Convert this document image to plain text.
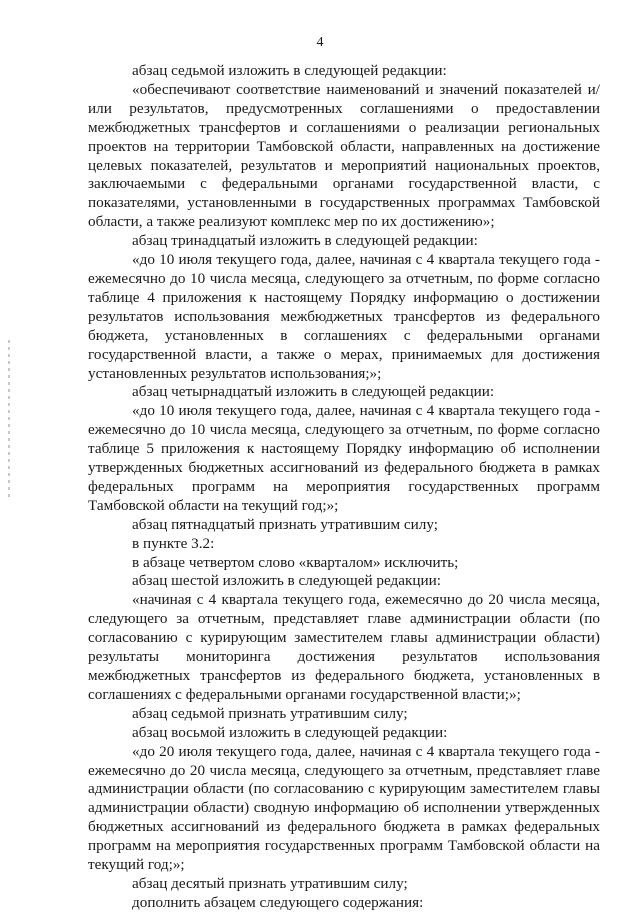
4

абзац седьмой изложить в следующей редакции:

«обеспечивают соответствие наименований и значений показателей и/или результатов, предусмотренных соглашениями о предоставлении межбюджетных трансфертов и соглашениями о реализации региональных проектов на территории Тамбовской области, направленных на достижение целевых показателей, результатов и мероприятий национальных проектов, заключаемыми с федеральными органами государственной власти, с показателями, установленными в государственных программах Тамбовской области, а также реализуют комплекс мер по их достижению»;

абзац тринадцатый изложить в следующей редакции:

«до 10 июля текущего года, далее, начиная с 4 квартала текущего года - ежемесячно до 10 числа месяца, следующего за отчетным, по форме согласно таблице 4 приложения к настоящему Порядку информацию о достижении результатов использования межбюджетных трансфертов из федерального бюджета, установленных в соглашениях с федеральными органами государственной власти, а также о мерах, принимаемых для достижения установленных результатов использования;»;

абзац четырнадцатый изложить в следующей редакции:

«до 10 июля текущего года, далее, начиная с 4 квартала текущего года - ежемесячно до 10 числа месяца, следующего за отчетным, по форме согласно таблице 5 приложения к настоящему Порядку информацию об исполнении утвержденных бюджетных ассигнований из федерального бюджета в рамках федеральных программ на мероприятия государственных программ Тамбовской области на текущий год;»;

абзац пятнадцатый признать утратившим силу;

в пункте 3.2:

в абзаце четвертом слово «кварталом» исключить;

абзац шестой изложить в следующей редакции:

«начиная с 4 квартала текущего года, ежемесячно до 20 числа месяца, следующего за отчетным, представляет главе администрации области (по согласованию с курирующим заместителем главы администрации области) результаты мониторинга достижения результатов использования межбюджетных трансфертов из федерального бюджета, установленных в соглашениях с федеральными органами государственной власти;»;

абзац седьмой признать утратившим силу;

абзац восьмой изложить в следующей редакции:

«до 20 июля текущего года, далее, начиная с 4 квартала текущего года - ежемесячно до 20 числа месяца, следующего за отчетным, представляет главе администрации области (по согласованию с курирующим заместителем главы администрации области) сводную информацию об исполнении утвержденных бюджетных ассигнований из федерального бюджета в рамках федеральных программ на мероприятия государственных программ Тамбовской области на текущий год;»;

абзац десятый признать утратившим силу;

дополнить абзацем следующего содержания:
